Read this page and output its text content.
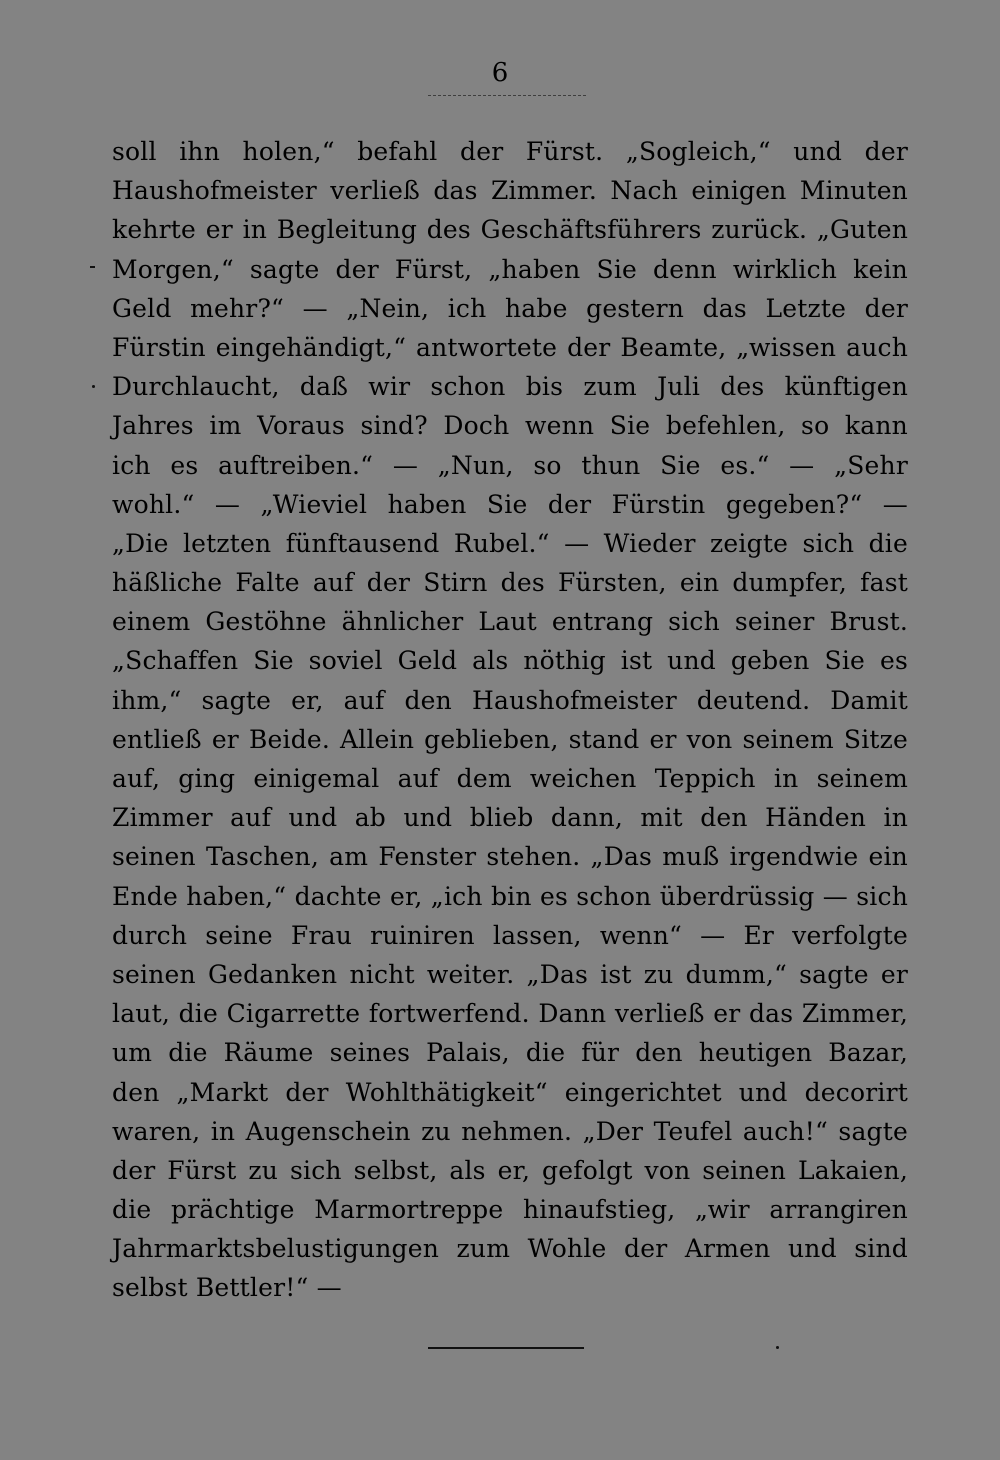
6
soll ihn holen,“ befahl der Fürst. „Sogleich,“ und der
Haushofmeister verließ das Zimmer. Nach einigen Minuten
kehrte er in Begleitung des Geschäftsführers zurück. „Guten
Morgen,“ sagte der Fürst, „haben Sie denn wirklich kein
Geld mehr?“ — „Nein, ich habe gestern das Letzte der
Fürstin eingehändigt,“ antwortete der Beamte, „wissen auch
Durchlaucht, daß wir schon bis zum Juli des künftigen
Jahres im Voraus sind? Doch wenn Sie befehlen, so kann
ich es auftreiben.“ — „Nun, so thun Sie es.“ — „Sehr
wohl.“ — „Wieviel haben Sie der Fürstin gegeben?“ —
„Die letzten fünftausend Rubel.“ — Wieder zeigte sich die
häßliche Falte auf der Stirn des Fürsten, ein dumpfer, fast
einem Gestöhne ähnlicher Laut entrang sich seiner Brust.
„Schaffen Sie soviel Geld als nöthig ist und geben Sie es
ihm,“ sagte er, auf den Haushofmeister deutend. Damit
entließ er Beide. Allein geblieben, stand er von seinem Sitze
auf, ging einigemal auf dem weichen Teppich in seinem
Zimmer auf und ab und blieb dann, mit den Händen in
seinen Taschen, am Fenster stehen. „Das muß irgendwie ein
Ende haben,“ dachte er, „ich bin es schon überdrüssig — sich
durch seine Frau ruiniren lassen, wenn“ — Er verfolgte
seinen Gedanken nicht weiter. „Das ist zu dumm,“ sagte er
laut, die Cigarrette fortwerfend. Dann verließ er das Zimmer,
um die Räume seines Palais, die für den heutigen Bazar,
den „Markt der Wohlthätigkeit“ eingerichtet und decorirt
waren, in Augenschein zu nehmen. „Der Teufel auch!“ sagte
der Fürst zu sich selbst, als er, gefolgt von seinen Lakaien,
die prächtige Marmortreppe hinaufstieg, „wir arrangiren
Jahrmarktsbelustigungen zum Wohle der Armen und sind
selbst Bettler!“ —
